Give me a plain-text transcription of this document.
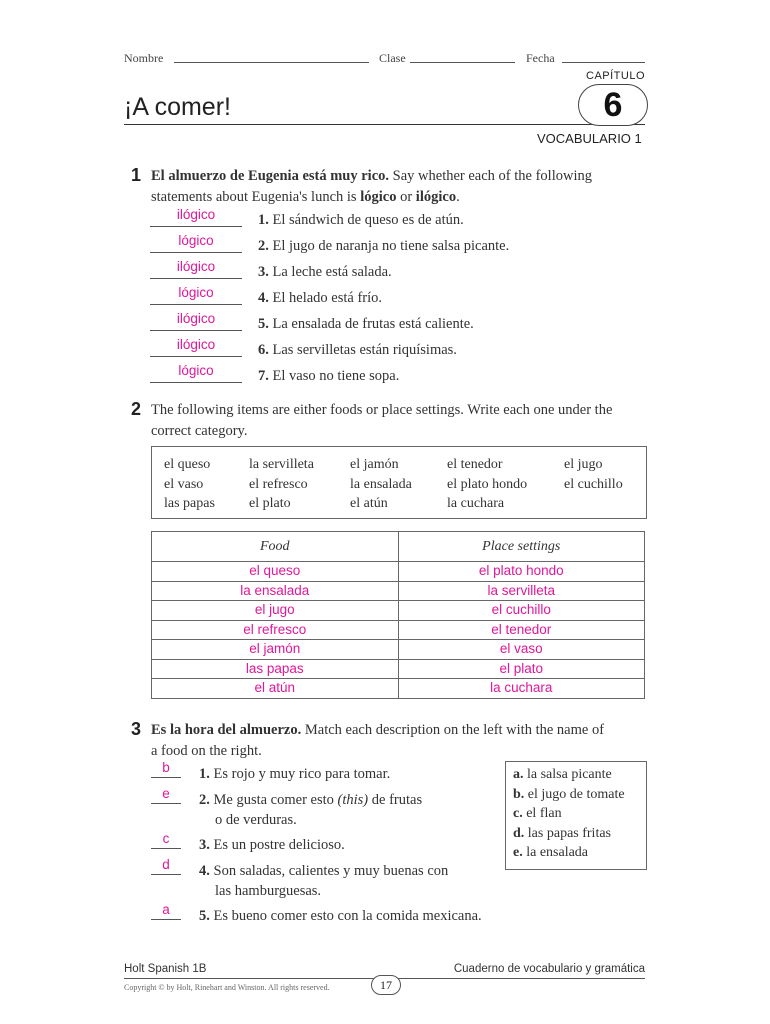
Nombre	Clase	Fecha
CAPÍTULO
¡A comer!	6
VOCABULARIO 1
1 El almuerzo de Eugenia está muy rico. Say whether each of the following
statements about Eugenia's lunch is lógico or ilógico.
ilógico	1. El sándwich de queso es de atún.
lógico	2. El jugo de naranja no tiene salsa picante.
ilógico	3. La leche está salada.
lógico	4. El helado está frío.
ilógico	5. La ensalada de frutas está caliente.
ilógico	6. Las servilletas están riquísimas.
lógico	7. El vaso no tiene sopa.
2 The following items are either foods or place settings. Write each one under the
correct category.
el queso
el vaso
las papas
la servilleta
el refresco
el plato
el jamón
la ensalada
el atún
el tenedor
el plato hondo
la cuchara
el jugo
el cuchillo
Food	Place settings
el queso	el plato hondo
la ensalada	la servilleta
el jugo	el cuchillo
el refresco	el tenedor
el jamón	el vaso
las papas	el plato
el atún	la cuchara
3 Es la hora del almuerzo. Match each description on the left with the name of
a food on the right.
b	1. Es rojo y muy rico para tomar.
e	2. Me gusta comer esto (this) de frutas
o de verduras.
c	3. Es un postre delicioso.
d	4. Son saladas, calientes y muy buenas con
las hamburguesas.
a	5. Es bueno comer esto con la comida mexicana.
a. la salsa picante
b. el jugo de tomate
c. el flan
d. las papas fritas
e. la ensalada
Holt Spanish 1B	Cuaderno de vocabulario y gramática
Copyright © by Holt, Rinehart and Winston. All rights reserved.	17
